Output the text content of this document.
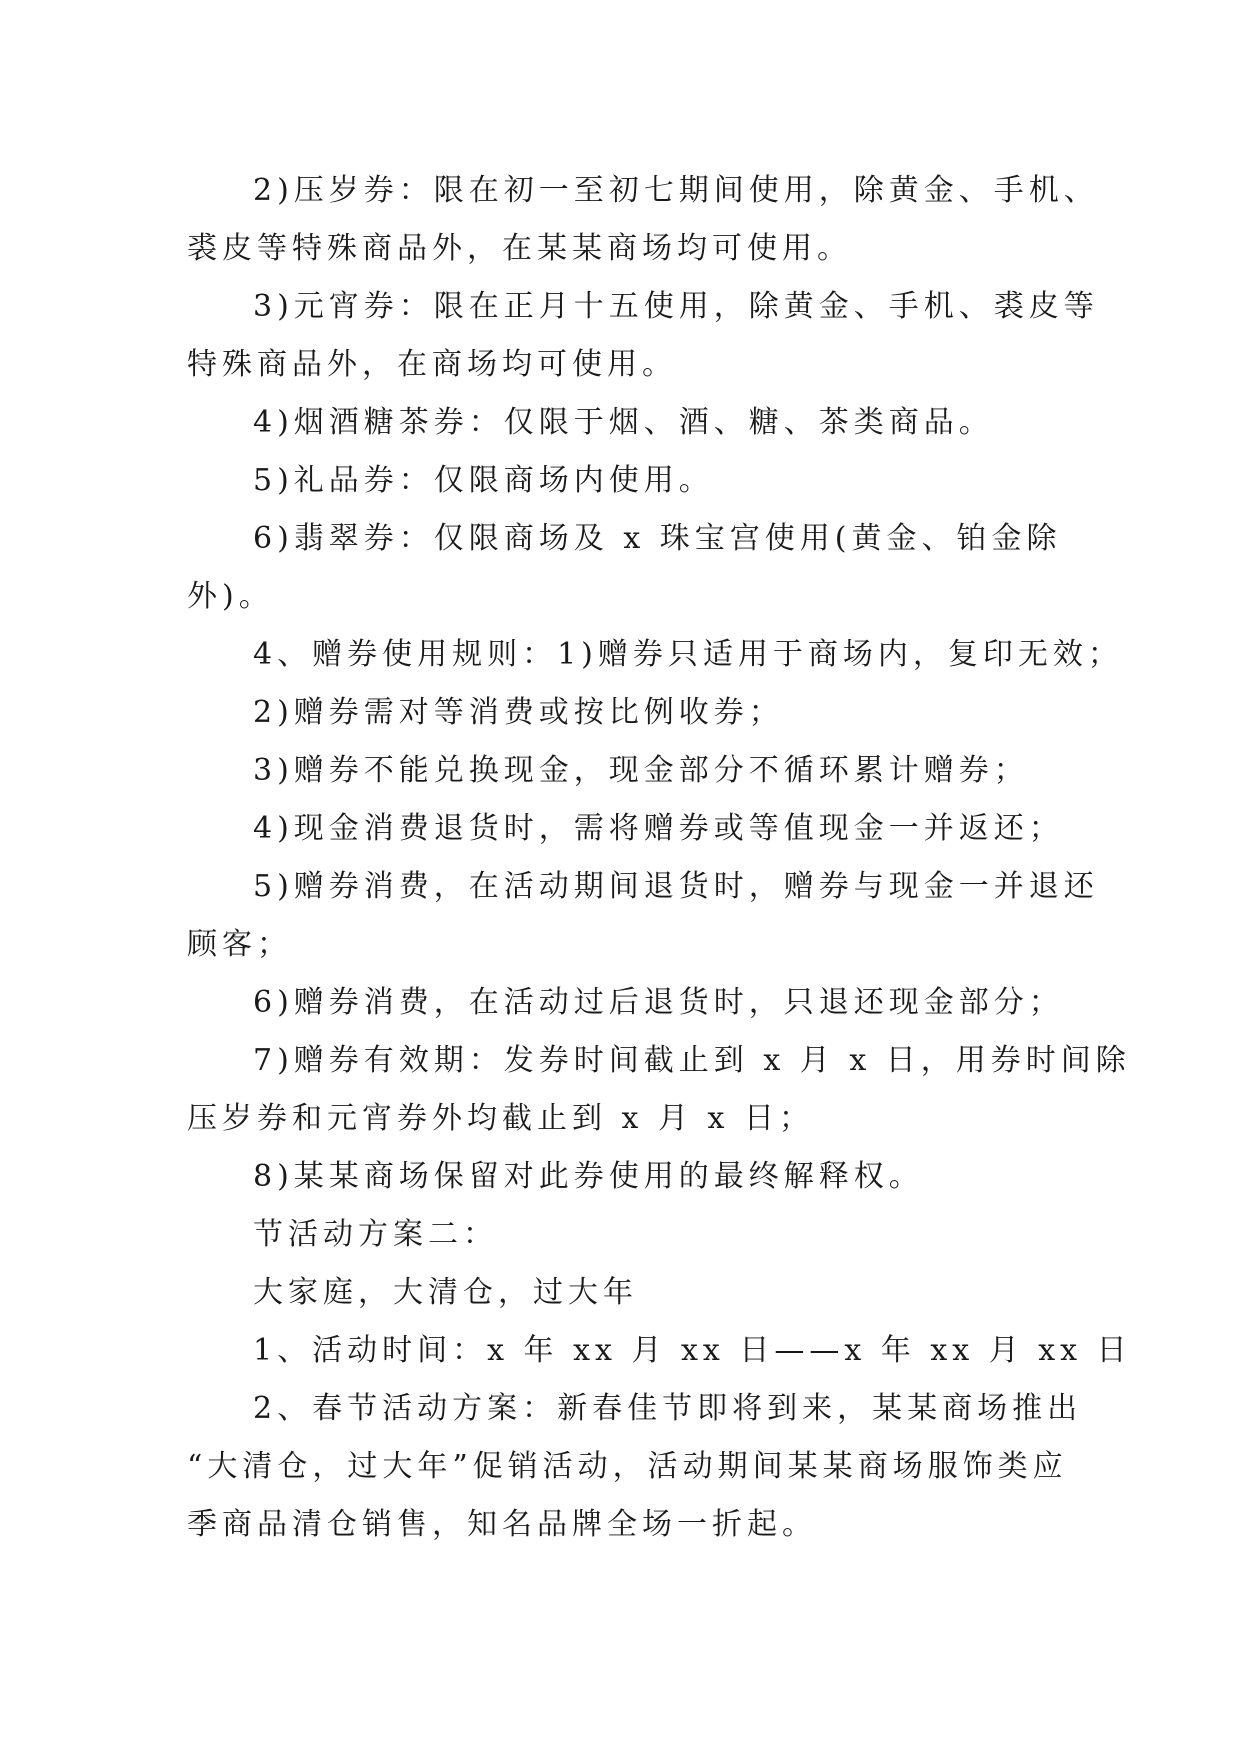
2)压岁券：限在初一至初七期间使用，除黄金、手机、
裘皮等特殊商品外，在某某商场均可使用。
3)元宵券：限在正月十五使用，除黄金、手机、裘皮等
特殊商品外，在商场均可使用。
4)烟酒糖茶券：仅限于烟、酒、糖、茶类商品。
5)礼品券：仅限商场内使用。
6)翡翠券：仅限商场及 x 珠宝宫使用(黄金、铂金除
外)。
4、赠券使用规则：1)赠券只适用于商场内，复印无效；
2)赠券需对等消费或按比例收券；
3)赠券不能兑换现金，现金部分不循环累计赠券；
4)现金消费退货时，需将赠券或等值现金一并返还；
5)赠券消费，在活动期间退货时，赠券与现金一并退还
顾客；
6)赠券消费，在活动过后退货时，只退还现金部分；
7)赠券有效期：发券时间截止到 x 月 x 日，用券时间除
压岁券和元宵券外均截止到 x 月 x 日；
8)某某商场保留对此券使用的最终解释权。
节活动方案二：
大家庭，大清仓，过大年
1、活动时间：x 年 xx 月 xx 日——x 年 xx 月 xx 日
2、春节活动方案：新春佳节即将到来，某某商场推出
“大清仓，过大年”促销活动，活动期间某某商场服饰类应
季商品清仓销售，知名品牌全场一折起。
